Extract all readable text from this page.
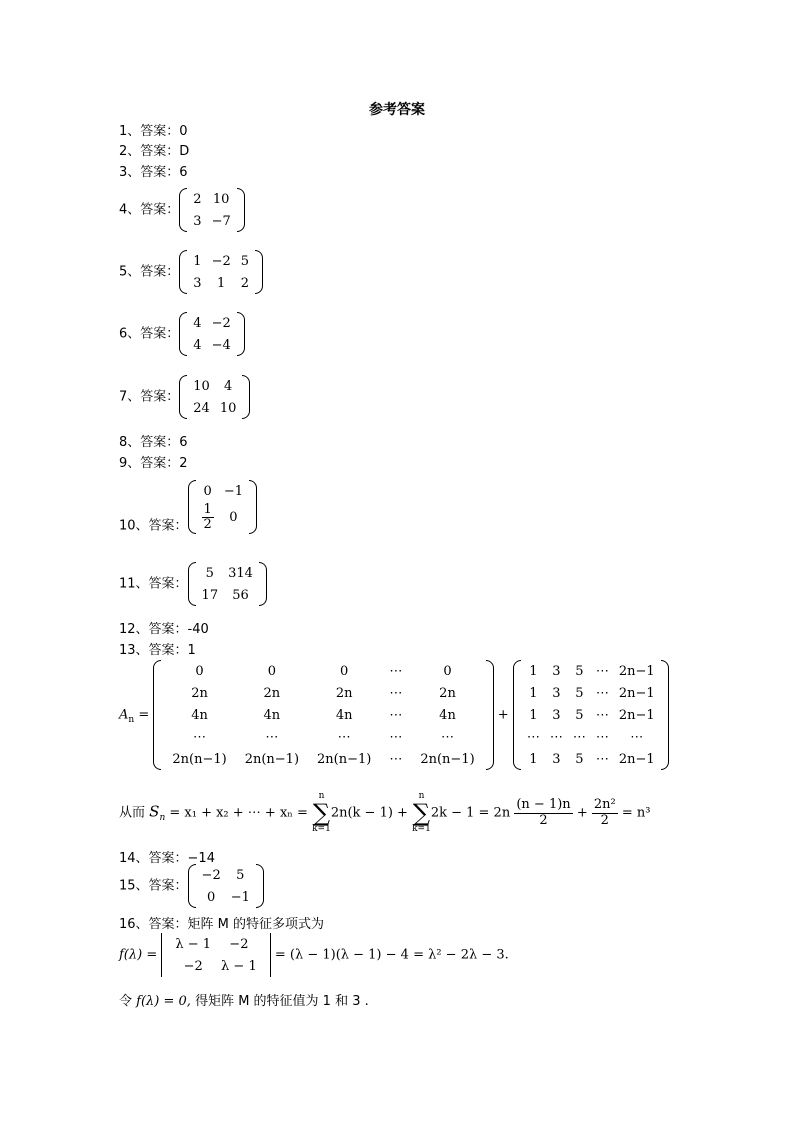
参考答案
1、答案：0
2、答案：D
3、答案：6
4、答案：
2	10
3	−7
5、答案：
1	−2	5
3	1	2
6、答案：
4	−2
4	−4
7、答案：
10	4
24	10
8、答案：6
9、答案：2
10、答案：
0	−1

$\frac{1}{2}$	0
11、答案：
5	314
17	56
12、答案：-40
13、答案：1
$A_n$ =
0	0	0	⋯	0
2n	2n	2n	⋯	2n
4n	4n	4n	⋯	4n
⋯	⋯	⋯	⋯	⋯
2n(n−1)	2n(n−1)	2n(n−1)	⋯	2n(n−1)
+
1	3	5	⋯	2n−1
1	3	5	⋯	2n−1
1	3	5	⋯	2n−1
⋯	⋯	⋯	⋯	⋯
1	3	5	⋯	2n−1
从而 $S_n = x_1 + x_2$ + ⋯ + xₙ =
n
∑
k=1
2n(k − 1) +
n
∑
k=1
$2k - 1 = 2n \frac{(n - 1)n}{2} + \frac{\text{2n²}}{2} = n^3$
14、答案：−14
15、答案：
−2	5
0	−1
16、答案：矩阵 M 的特征多项式为
f(λ) =
λ − 1	−2
−2	λ − 1
= (λ − 1)(λ − 1) − 4 = λ² − 2λ − 3.
令 f(λ) = 0, 得矩阵 M 的特征值为 1 和 3 .
